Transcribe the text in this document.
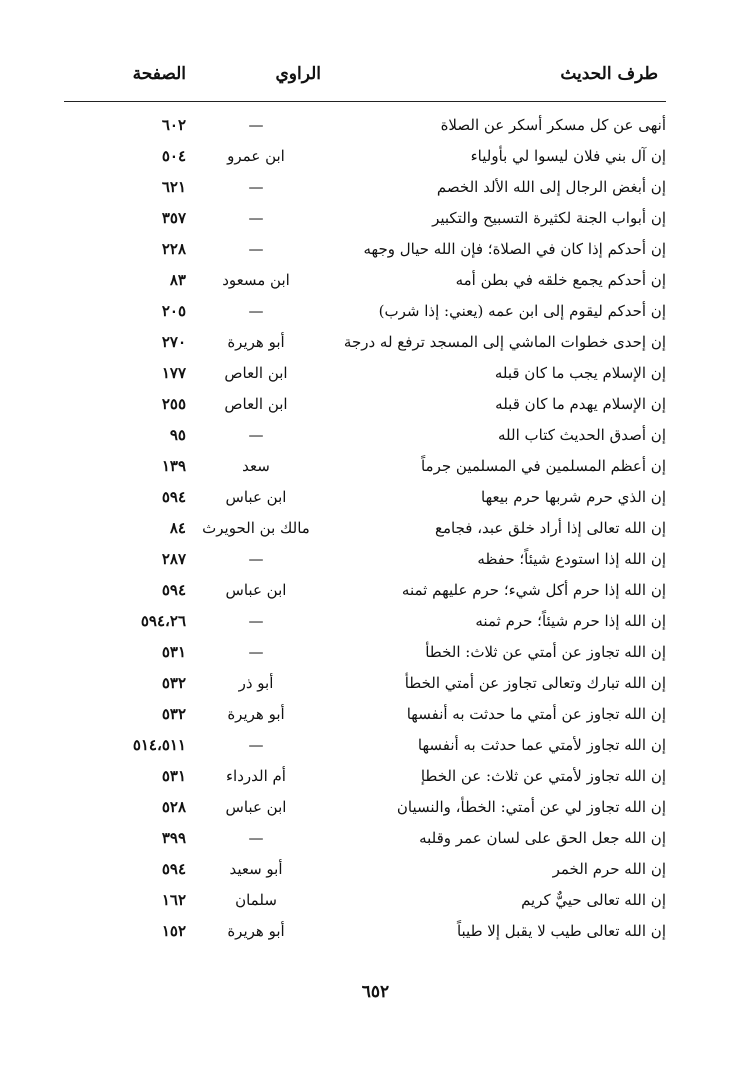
طرف الحديث
الراوي
الصفحة
أنهى عن كل مسكر أسكر عن الصلاة
—
٦٠٢
إن آل بني فلان ليسوا لي بأولياء
ابن عمرو
٥٠٤
إن أبغض الرجال إلى الله الألد الخصم
—
٦٢١
إن أبواب الجنة لكثيرة التسبيح والتكبير
—
٣٥٧
إن أحدكم إذا كان في الصلاة؛ فإن الله حيال وجهه
—
٢٢٨
إن أحدكم يجمع خلقه في بطن أمه
ابن مسعود
٨٣
إن أحدكم ليقوم إلى ابن عمه (يعني: إذا شرب)
—
٢٠٥
إن إحدى خطوات الماشي إلى المسجد ترفع له درجة
أبو هريرة
٢٧٠
إن الإسلام يجب ما كان قبله
ابن العاص
١٧٧
إن الإسلام يهدم ما كان قبله
ابن العاص
٢٥٥
إن أصدق الحديث كتاب الله
—
٩٥
إن أعظم المسلمين في المسلمين جرماً
سعد
١٣٩
إن الذي حرم شربها حرم بيعها
ابن عباس
٥٩٤
إن الله تعالى إذا أراد خلق عبد، فجامع
مالك بن الحويرث
٨٤
إن الله إذا استودع شيئاً؛ حفظه
—
٢٨٧
إن الله إذا حرم أكل شيء؛ حرم عليهم ثمنه
ابن عباس
٥٩٤
إن الله إذا حرم شيئاً؛ حرم ثمنه
—
٥٩٤،٢٦
إن الله تجاوز عن أمتي عن ثلاث: الخطأ
—
٥٣١
إن الله تبارك وتعالى تجاوز عن أمتي الخطأ
أبو ذر
٥٣٢
إن الله تجاوز عن أمتي ما حدثت به أنفسها
أبو هريرة
٥٣٢
إن الله تجاوز لأمتي عما حدثت به أنفسها
—
٥١٤،٥١١
إن الله تجاوز لأمتي عن ثلاث: عن الخطإ
أم الدرداء
٥٣١
إن الله تجاوز لي عن أمتي: الخطأ، والنسيان
ابن عباس
٥٢٨
إن الله جعل الحق على لسان عمر وقلبه
—
٣٩٩
إن الله حرم الخمر
أبو سعيد
٥٩٤
إن الله تعالى حييٌّ كريم
سلمان
١٦٢
إن الله تعالى طيب لا يقبل إلا طيباً
أبو هريرة
١٥٢
٦٥٢
